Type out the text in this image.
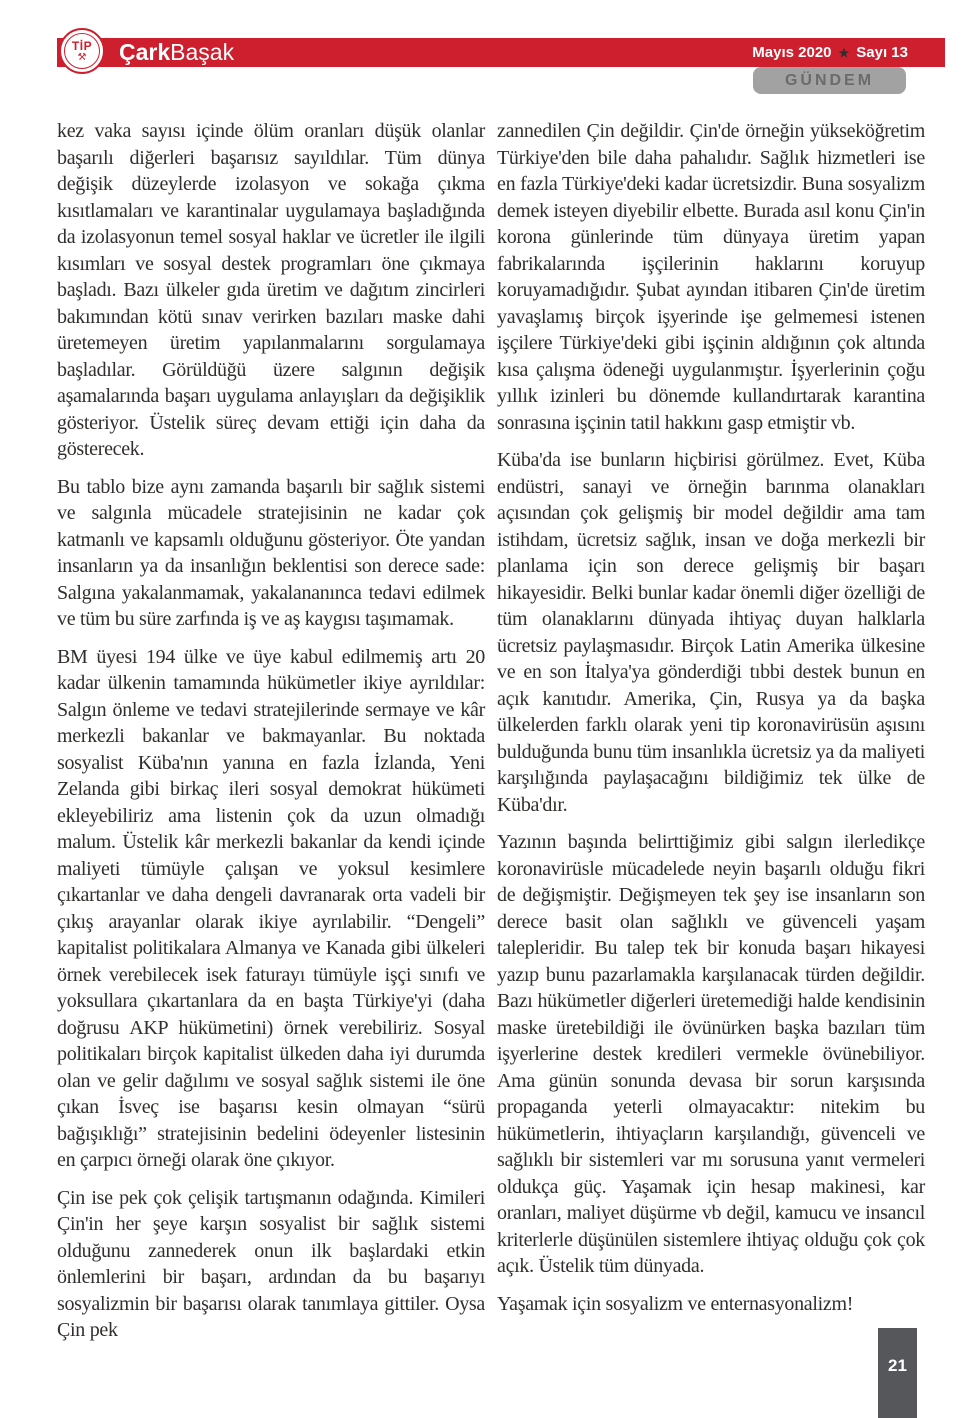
TİP
⚒ ÇarkBaşak	Mayıs 2020 ★ Sayı 13
GÜNDEM

kez vaka sayısı içinde ölüm oranları düşük olanlar başarılı diğerleri başarısız sayıldılar. Tüm dünya değişik düzeylerde izolasyon ve sokağa çıkma kısıtlamaları ve karantinalar uygulamaya başladığında da izolasyonun temel sosyal haklar ve ücretler ile ilgili kısımları ve sosyal destek programları öne çıkmaya başladı. Bazı ülkeler gıda üretim ve dağıtım zincirleri bakımından kötü sınav verirken bazıları maske dahi üretemeyen üretim yapılanmalarını sorgulamaya başladılar. Görüldüğü üzere salgının değişik aşamalarında başarı uygulama anlayışları da değişiklik gösteriyor. Üstelik süreç devam ettiği için daha da gösterecek.

Bu tablo bize aynı zamanda başarılı bir sağlık sistemi ve salgınla mücadele stratejisinin ne kadar çok katmanlı ve kapsamlı olduğunu gösteriyor. Öte yandan insanların ya da insanlığın beklentisi son derece sade: Salgına yakalanmamak, yakalananınca tedavi edilmek ve tüm bu süre zarfında iş ve aş kaygısı taşımamak.

BM üyesi 194 ülke ve üye kabul edilmemiş artı 20 kadar ülkenin tamamında hükümetler ikiye ayrıldılar: Salgın önleme ve tedavi stratejilerinde sermaye ve kâr merkezli bakanlar ve bakmayanlar. Bu noktada sosyalist Küba'nın yanına en fazla İzlanda, Yeni Zelanda gibi birkaç ileri sosyal demokrat hükümeti ekleyebiliriz ama listenin çok da uzun olmadığı malum. Üstelik kâr merkezli bakanlar da kendi içinde maliyeti tümüyle çalışan ve yoksul kesimlere çıkartanlar ve daha dengeli davranarak orta vadeli bir çıkış arayanlar olarak ikiye ayrılabilir. “Dengeli” kapitalist politikalara Almanya ve Kanada gibi ülkeleri örnek verebilecek isek faturayı tümüyle işçi sınıfı ve yoksullara çıkartanlara da en başta Türkiye'yi (daha doğrusu AKP hükümetini) örnek verebiliriz. Sosyal politikaları birçok kapitalist ülkeden daha iyi durumda olan ve gelir dağılımı ve sosyal sağlık sistemi ile öne çıkan İsveç ise başarısı kesin olmayan “sürü bağışıklığı” stratejisinin bedelini ödeyenler listesinin en çarpıcı örneği olarak öne çıkıyor.

Çin ise pek çok çelişik tartışmanın odağında. Kimileri Çin'in her şeye karşın sosyalist bir sağlık sistemi olduğunu zannederek onun ilk başlardaki etkin önlemlerini bir başarı, ardından da bu başarıyı sosyalizmin bir başarısı olarak tanımlaya gittiler. Oysa Çin pek

zannedilen Çin değildir. Çin'de örneğin yükseköğretim Türkiye'den bile daha pahalıdır. Sağlık hizmetleri ise en fazla Türkiye'deki kadar ücretsizdir. Buna sosyalizm demek isteyen diyebilir elbette. Burada asıl konu Çin'in korona günlerinde tüm dünyaya üretim yapan fabrikalarında işçilerinin haklarını koruyup koruyamadığıdır. Şubat ayından itibaren Çin'de üretim yavaşlamış birçok işyerinde işe gelmemesi istenen işçilere Türkiye'deki gibi işçinin aldığının çok altında kısa çalışma ödeneği uygulanmıştır. İşyerlerinin çoğu yıllık izinleri bu dönemde kullandırtarak karantina sonrasına işçinin tatil hakkını gasp etmiştir vb.

Küba'da ise bunların hiçbirisi görülmez. Evet, Küba endüstri, sanayi ve örneğin barınma olanakları açısından çok gelişmiş bir model değildir ama tam istihdam, ücretsiz sağlık, insan ve doğa merkezli bir planlama için son derece gelişmiş bir başarı hikayesidir. Belki bunlar kadar önemli diğer özelliği de tüm olanaklarını dünyada ihtiyaç duyan halklarla ücretsiz paylaşmasıdır. Birçok Latin Amerika ülkesine ve en son İtalya'ya gönderdiği tıbbi destek bunun en açık kanıtıdır. Amerika, Çin, Rusya ya da başka ülkelerden farklı olarak yeni tip koronavirüsün aşısını bulduğunda bunu tüm insanlıkla ücretsiz ya da maliyeti karşılığında paylaşacağını bildiğimiz tek ülke de Küba'dır.

Yazının başında belirttiğimiz gibi salgın ilerledikçe koronavirüsle mücadelede neyin başarılı olduğu fikri de değişmiştir. Değişmeyen tek şey ise insanların son derece basit olan sağlıklı ve güvenceli yaşam talepleridir. Bu talep tek bir konuda başarı hikayesi yazıp bunu pazarlamakla karşılanacak türden değildir. Bazı hükümetler diğerleri üretemediği halde kendisinin maske üretebildiği ile övünürken başka bazıları tüm işyerlerine destek kredileri vermekle övünebiliyor. Ama günün sonunda devasa bir sorun karşısında propaganda yeterli olmayacaktır: nitekim bu hükümetlerin, ihtiyaçların karşılandığı, güvenceli ve sağlıklı bir sistemleri var mı sorusuna yanıt vermeleri oldukça güç. Yaşamak için hesap makinesi, kar oranları, maliyet düşürme vb değil, kamucu ve insancıl kriterlerle düşünülen sistemlere ihtiyaç olduğu çok çok açık. Üstelik tüm dünyada.

Yaşamak için sosyalizm ve enternasyonalizm!

21
